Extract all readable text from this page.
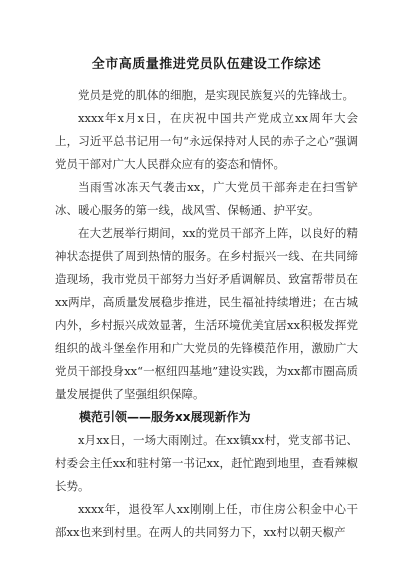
全市高质量推进党员队伍建设工作综述

党员是党的肌体的细胞，是实现民族复兴的先锋战士。

xxxx年x月x日，在庆祝中国共产党成立xx周年大会上，习近平总书记用一句“永远保持对人民的赤子之心”强调党员干部对广大人民群众应有的姿态和情怀。

当雨雪冰冻天气袭击xx，广大党员干部奔走在扫雪铲冰、暖心服务的第一线，战风雪、保畅通、护平安。

在大艺展举行期间，xx的党员干部齐上阵，以良好的精神状态提供了周到热情的服务。在乡村振兴一线、在共同缔造现场，我市党员干部努力当好矛盾调解员、致富帮带员在xx两岸，高质量发展稳步推进，民生福祉持续增进；在古城内外，乡村振兴成效显著，生活环境优美宜居xx积极发挥党组织的战斗堡垒作用和广大党员的先锋模范作用，激励广大党员干部投身xx“一枢纽四基地”建设实践，为xx都市圈高质量发展提供了坚强组织保障。

模范引领——服务xx展现新作为

x月xx日，一场大雨刚过。在xx镇xx村，党支部书记、村委会主任xx和驻村第一书记xx，赶忙跑到地里，查看辣椒长势。

xxxx年，退役军人xx刚刚上任，市住房公积金中心干部xx也来到村里。在两人的共同努力下，xx村以朝天椒产
